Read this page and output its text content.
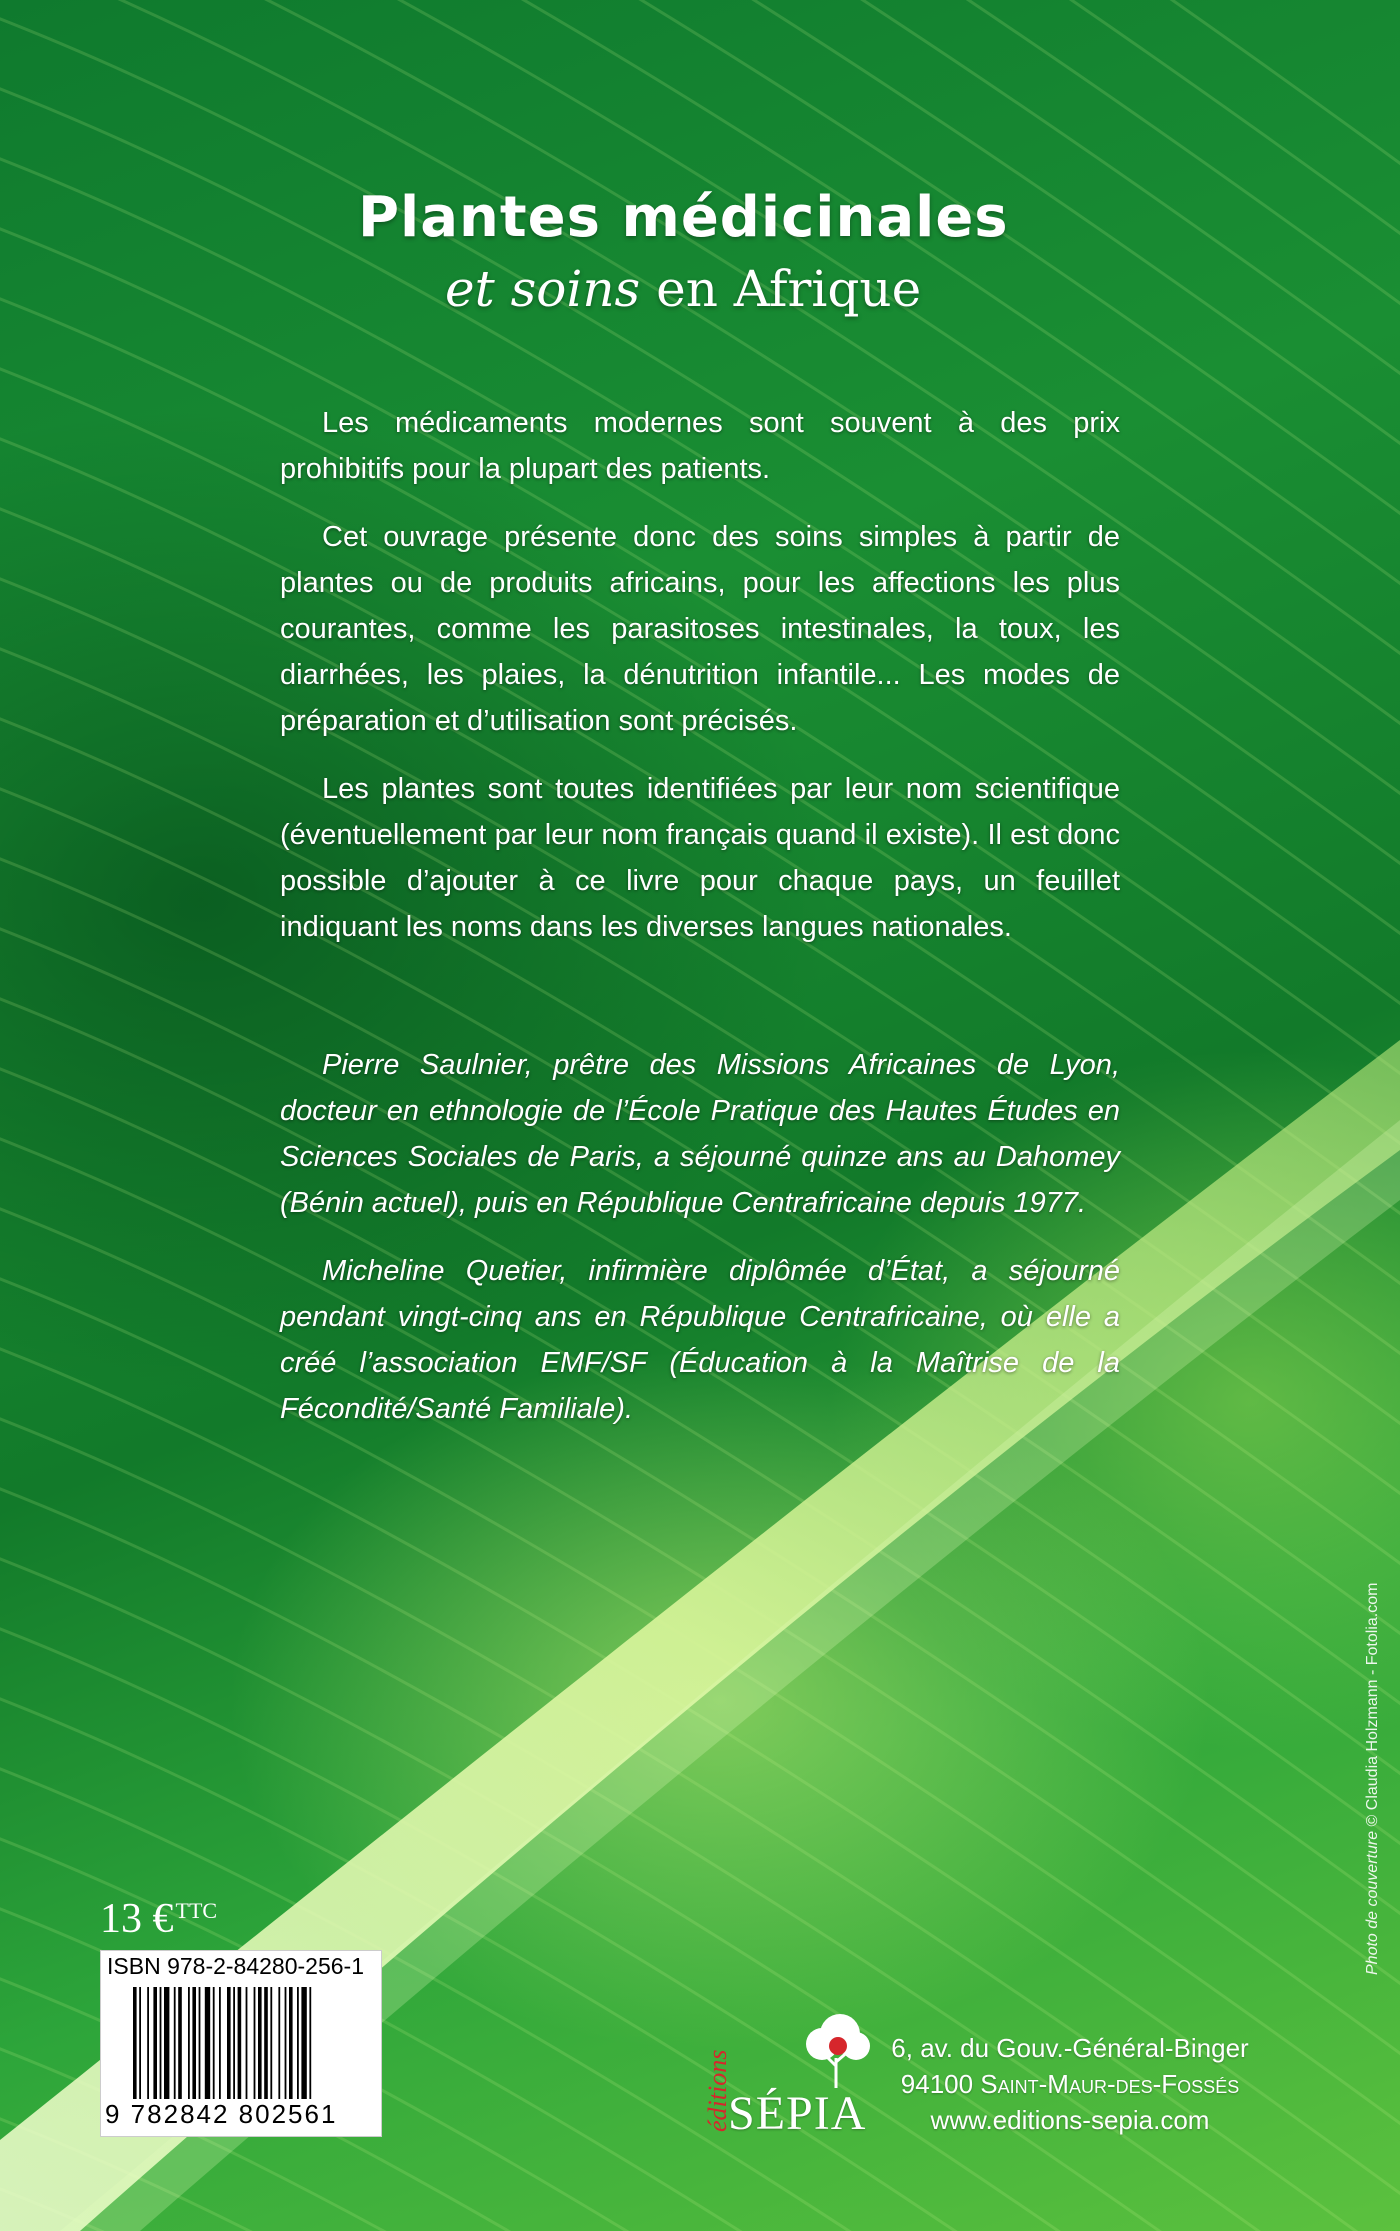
Plantes médicinales
et soins en Afrique

Les médicaments modernes sont souvent à des prix prohibitifs pour la plupart des patients.

Cet ouvrage présente donc des soins simples à partir de plantes ou de produits africains, pour les affections les plus courantes, comme les parasitoses intestinales, la toux, les diarrhées, les plaies, la dénutrition infantile... Les modes de préparation et d’utilisation sont précisés.

Les plantes sont toutes identifiées par leur nom scientifique (éventuellement par leur nom français quand il existe). Il est donc possible d’ajouter à ce livre pour chaque pays, un feuillet indiquant les noms dans les diverses langues nationales.

Pierre Saulnier, prêtre des Missions Africaines de Lyon, docteur en ethnologie de l’École Pratique des Hautes Études en Sciences Sociales de Paris, a séjourné quinze ans au Dahomey (Bénin actuel), puis en République Centrafricaine depuis 1977.

Micheline Quetier, infirmière diplômée d’État, a séjourné pendant vingt-cinq ans en République Centrafricaine, où elle a créé l’association EMF/SF (Éducation à la Maîtrise de la Fécondité/Santé Familiale).

13 €$^{TTC}$
ISBN 978-2-84280-256-1
9 782842 802561	éditions
SÉPIA
6, av. du Gouv.-Général-Binger
94100 Saint-Maur-des-Fossés
www.editions-sepia.com
Photo de couverture © Claudia Holzmann - Fotolia.com
